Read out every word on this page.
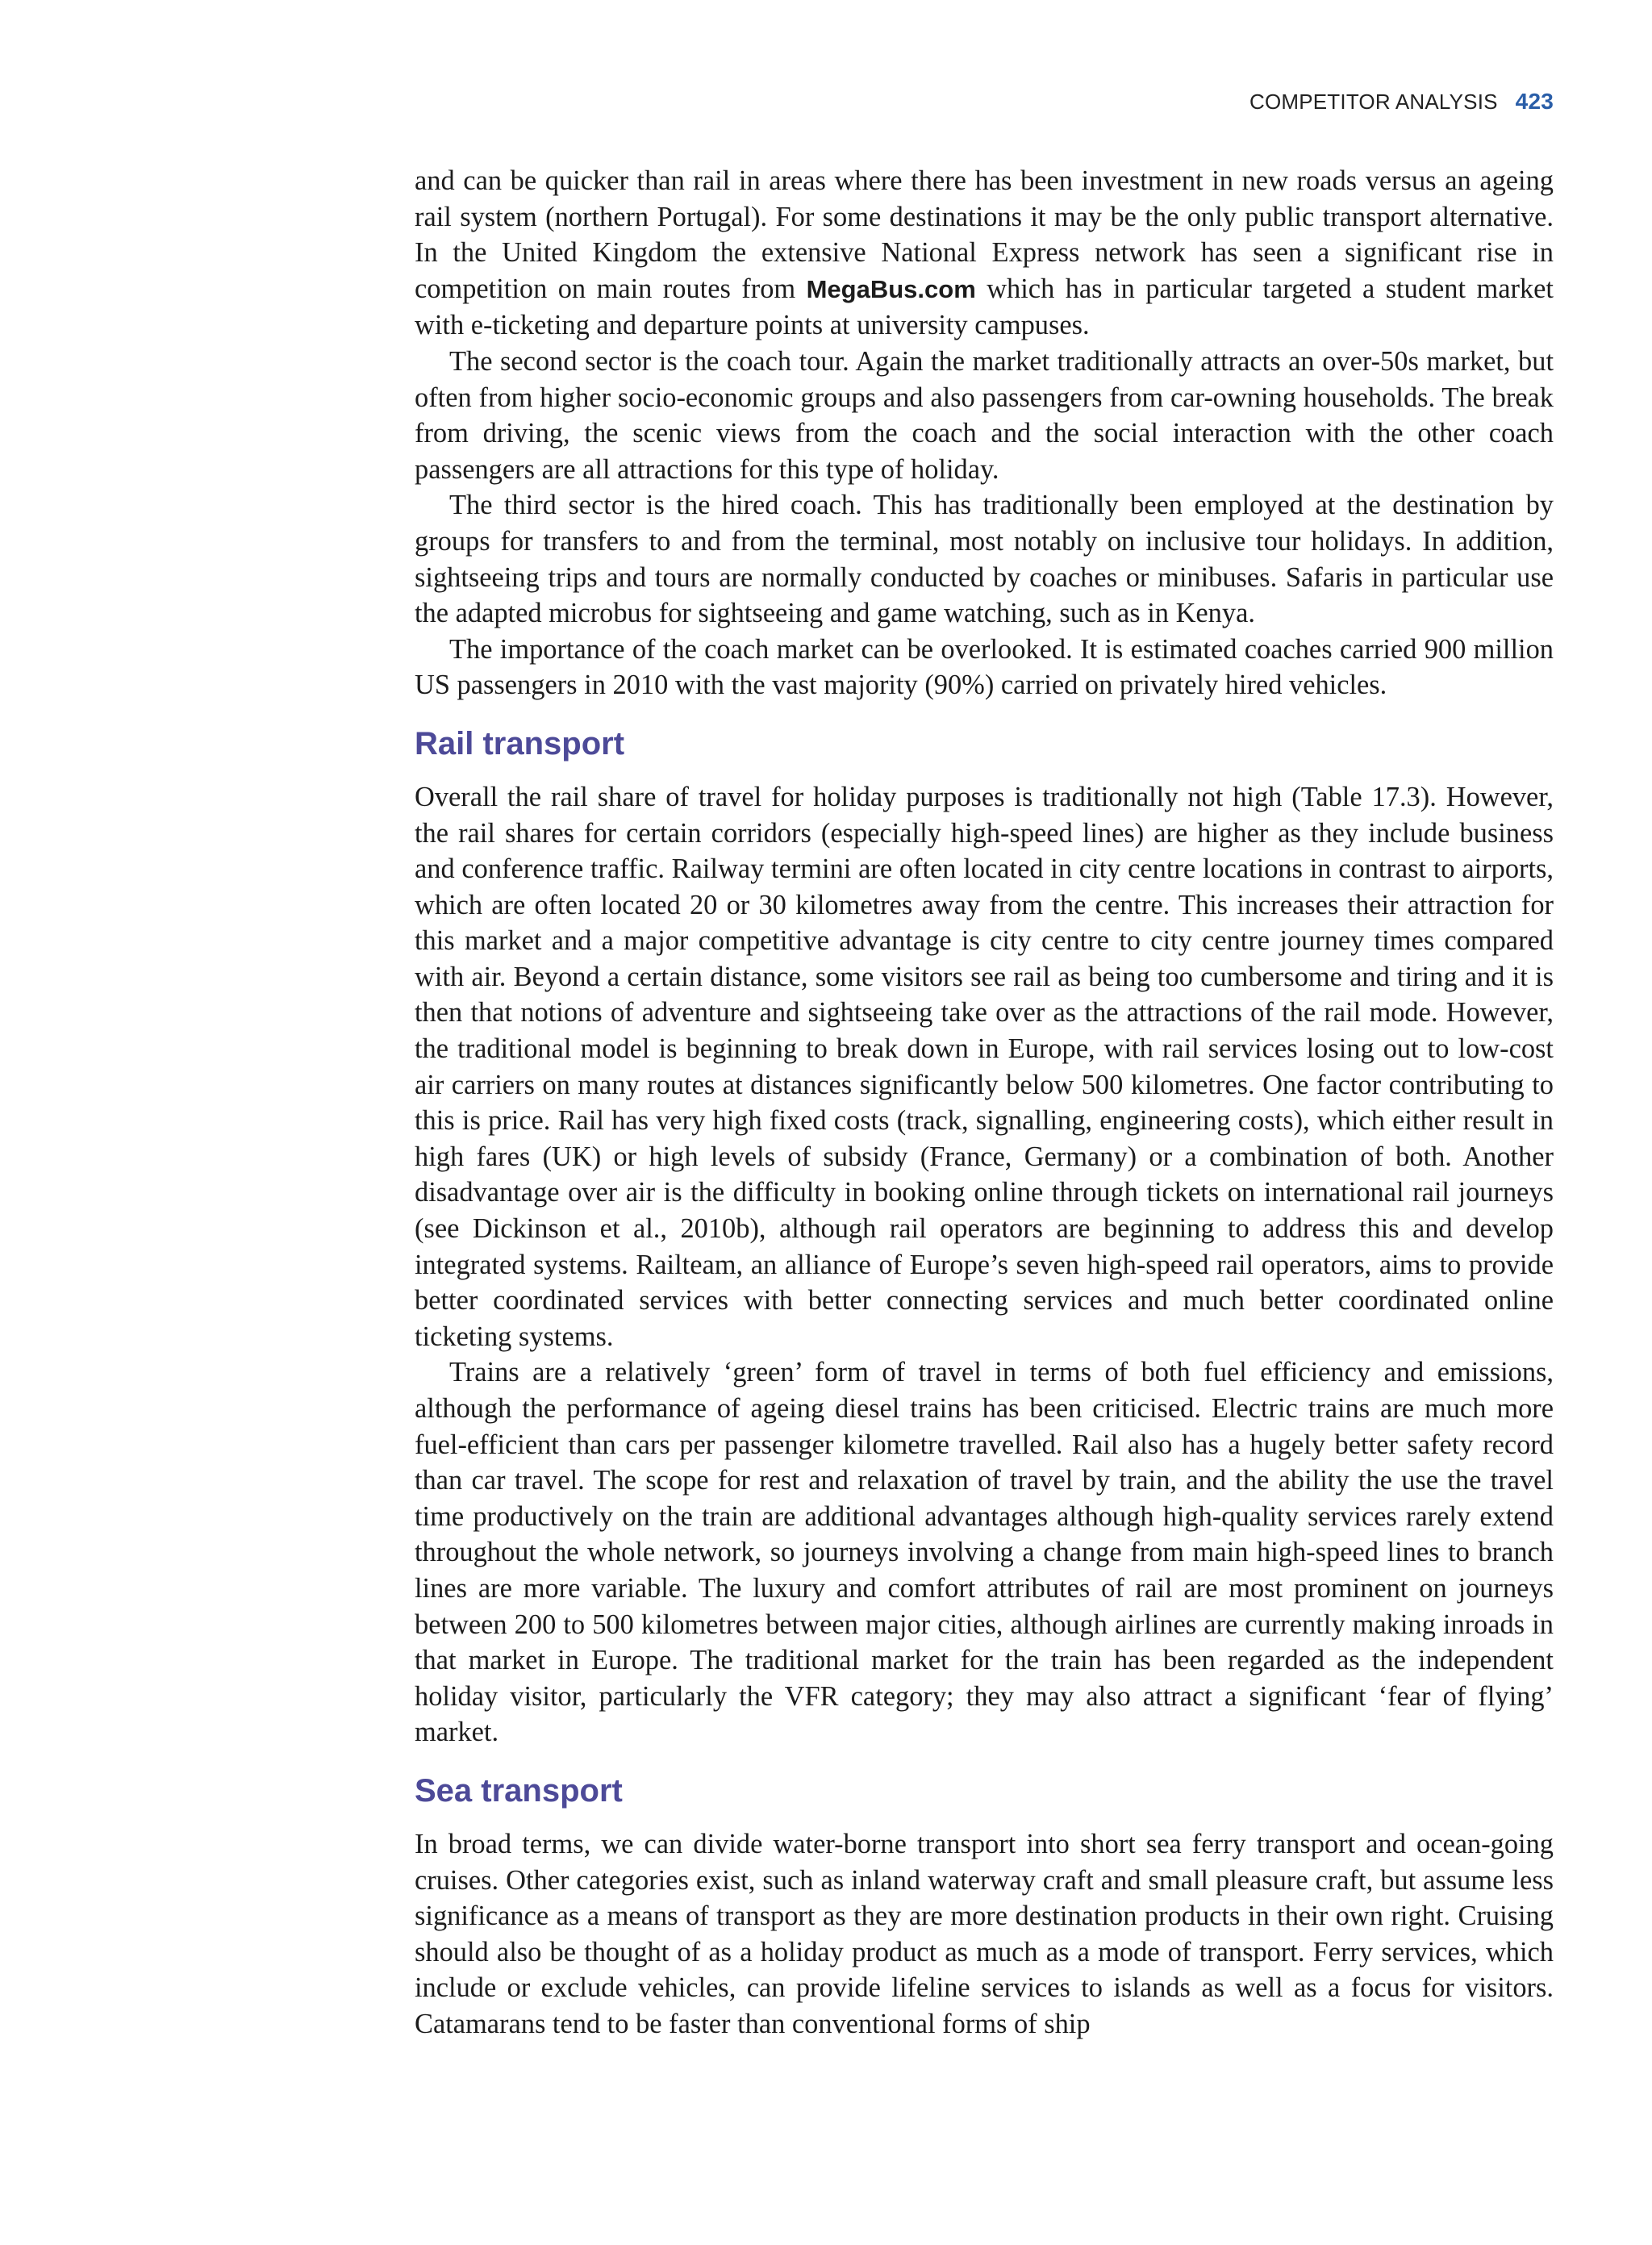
COMPETITOR ANALYSIS 423

and can be quicker than rail in areas where there has been investment in new roads versus an ageing rail system (northern Portugal). For some destinations it may be the only public transport alternative. In the United Kingdom the extensive National Express network has seen a significant rise in competition on main routes from MegaBus.com which has in particular targeted a student market with e-ticketing and departure points at university campuses.

The second sector is the coach tour. Again the market traditionally attracts an over-50s market, but often from higher socio-economic groups and also passengers from car-owning households. The break from driving, the scenic views from the coach and the social interaction with the other coach passengers are all attractions for this type of holiday.

The third sector is the hired coach. This has traditionally been employed at the destination by groups for transfers to and from the terminal, most notably on inclusive tour holidays. In addition, sightseeing trips and tours are normally conducted by coaches or minibuses. Safaris in particular use the adapted microbus for sightseeing and game watching, such as in Kenya.

The importance of the coach market can be overlooked. It is estimated coaches carried 900 million US passengers in 2010 with the vast majority (90%) carried on privately hired vehicles.

Rail transport

Overall the rail share of travel for holiday purposes is traditionally not high (Table 17.3). However, the rail shares for certain corridors (especially high-speed lines) are higher as they include business and conference traffic. Railway termini are often located in city centre locations in contrast to airports, which are often located 20 or 30 kilometres away from the centre. This increases their attraction for this market and a major competitive advantage is city centre to city centre journey times compared with air. Beyond a certain distance, some visitors see rail as being too cumbersome and tiring and it is then that notions of adventure and sightseeing take over as the attractions of the rail mode. However, the traditional model is beginning to break down in Europe, with rail services losing out to low-cost air carriers on many routes at distances significantly below 500 kilometres. One factor contributing to this is price. Rail has very high fixed costs (track, signalling, engineering costs), which either result in high fares (UK) or high levels of subsidy (France, Germany) or a combination of both. Another disadvantage over air is the difficulty in booking online through tickets on international rail journeys (see Dickinson et al., 2010b), although rail operators are beginning to address this and develop integrated systems. Railteam, an alliance of Europe’s seven high-speed rail operators, aims to provide better coordinated services with better connecting services and much better coordinated online ticketing systems.

Trains are a relatively ‘green’ form of travel in terms of both fuel efficiency and emissions, although the performance of ageing diesel trains has been criticised. Electric trains are much more fuel-efficient than cars per passenger kilometre travelled. Rail also has a hugely better safety record than car travel. The scope for rest and relaxation of travel by train, and the ability the use the travel time productively on the train are additional advantages although high-quality services rarely extend throughout the whole network, so journeys involving a change from main high-speed lines to branch lines are more variable. The luxury and comfort attributes of rail are most prominent on journeys between 200 to 500 kilometres between major cities, although airlines are currently making inroads in that market in Europe. The traditional market for the train has been regarded as the independent holiday visitor, particularly the VFR category; they may also attract a significant ‘fear of flying’ market.

Sea transport

In broad terms, we can divide water-borne transport into short sea ferry transport and ocean-going cruises. Other categories exist, such as inland waterway craft and small pleasure craft, but assume less significance as a means of transport as they are more destination products in their own right. Cruising should also be thought of as a holiday product as much as a mode of transport. Ferry services, which include or exclude vehicles, can provide lifeline services to islands as well as a focus for visitors. Catamarans tend to be faster than conventional forms of ship
